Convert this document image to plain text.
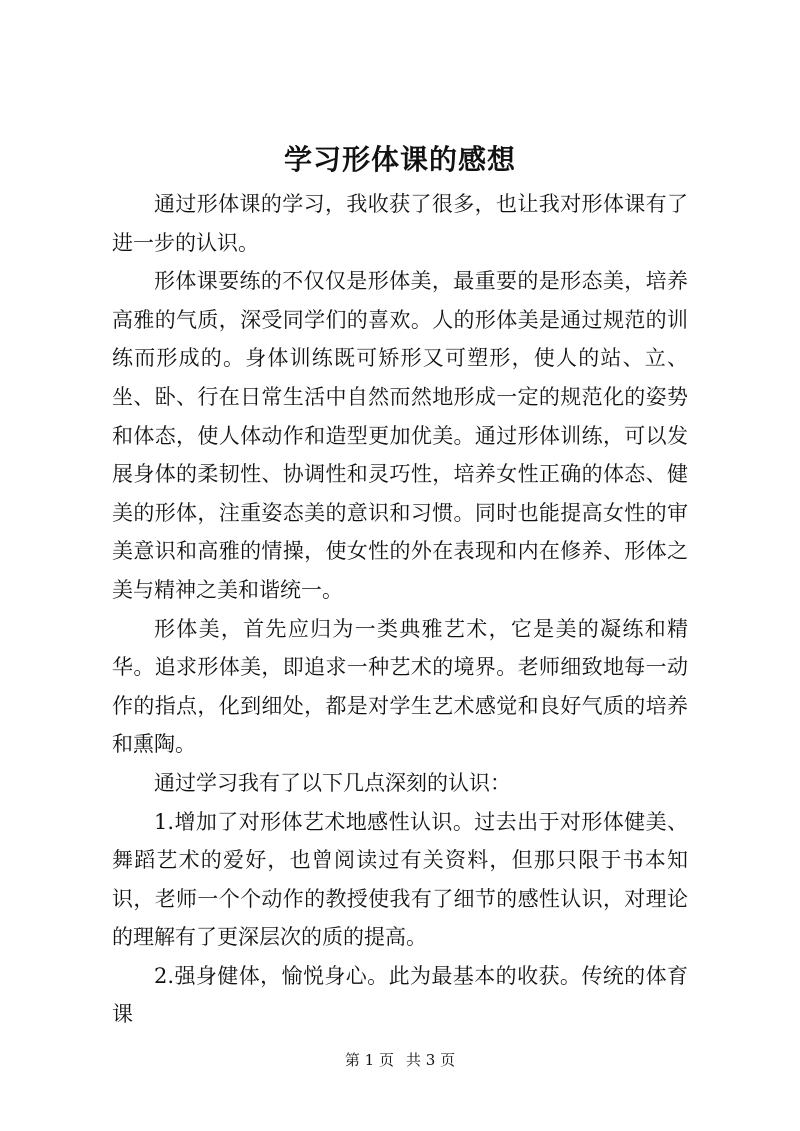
学习形体课的感想

通过形体课的学习，我收获了很多，也让我对形体课有了进一步的认识。

形体课要练的不仅仅是形体美，最重要的是形态美，培养高雅的气质，深受同学们的喜欢。人的形体美是通过规范的训练而形成的。身体训练既可矫形又可塑形，使人的站、立、坐、卧、行在日常生活中自然而然地形成一定的规范化的姿势和体态，使人体动作和造型更加优美。通过形体训练，可以发展身体的柔韧性、协调性和灵巧性，培养女性正确的体态、健美的形体，注重姿态美的意识和习惯。同时也能提高女性的审美意识和高雅的情操，使女性的外在表现和内在修养、形体之美与精神之美和谐统一。

形体美，首先应归为一类典雅艺术，它是美的凝练和精华。追求形体美，即追求一种艺术的境界。老师细致地每一动作的指点，化到细处，都是对学生艺术感觉和良好气质的培养和熏陶。

通过学习我有了以下几点深刻的认识：

1.增加了对形体艺术地感性认识。过去出于对形体健美、舞蹈艺术的爱好，也曾阅读过有关资料，但那只限于书本知识，老师一个个动作的教授使我有了细节的感性认识，对理论的理解有了更深层次的质的提高。

2.强身健体，愉悦身心。此为最基本的收获。传统的体育课

第 1 页 共 3 页
